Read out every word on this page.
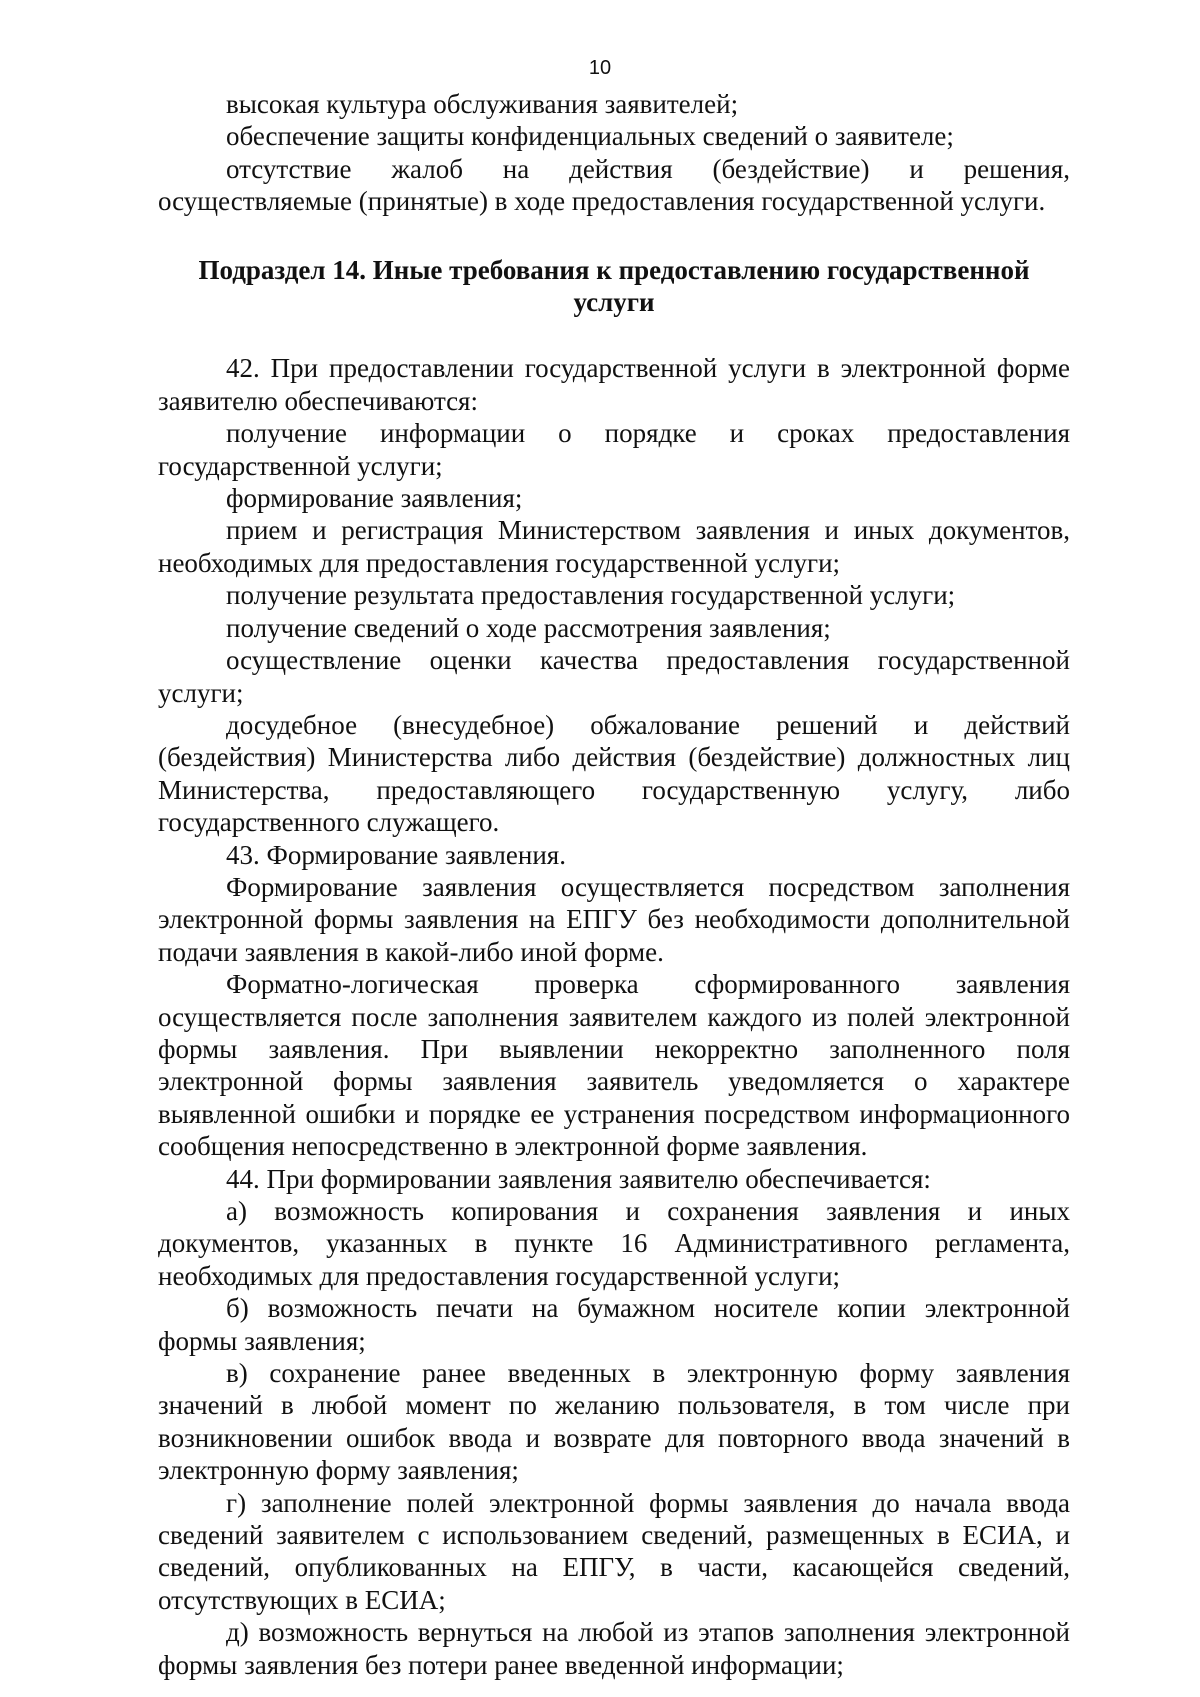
10

высокая культура обслуживания заявителей;

обеспечение защиты конфиденциальных сведений о заявителе;

отсутствие жалоб на действия (бездействие) и решения, осуществляемые (принятые) в ходе предоставления государственной услуги.

Подраздел 14. Иные требования к предоставлению государственной услуги

42. При предоставлении государственной услуги в электронной форме заявителю обеспечиваются:

получение информации о порядке и сроках предоставления государственной услуги;

формирование заявления;

прием и регистрация Министерством заявления и иных документов, необходимых для предоставления государственной услуги;

получение результата предоставления государственной услуги;

получение сведений о ходе рассмотрения заявления;

осуществление оценки качества предоставления государственной услуги;

досудебное (внесудебное) обжалование решений и действий (бездействия) Министерства либо действия (бездействие) должностных лиц Министерства, предоставляющего государственную услугу, либо государственного служащего.

43. Формирование заявления.

Формирование заявления осуществляется посредством заполнения электронной формы заявления на ЕПГУ без необходимости дополнительной подачи заявления в какой-либо иной форме.

Форматно-логическая проверка сформированного заявления осуществляется после заполнения заявителем каждого из полей электронной формы заявления. При выявлении некорректно заполненного поля электронной формы заявления заявитель уведомляется о характере выявленной ошибки и порядке ее устранения посредством информационного сообщения непосредственно в электронной форме заявления.

44. При формировании заявления заявителю обеспечивается:

а) возможность копирования и сохранения заявления и иных документов, указанных в пункте 16 Административного регламента, необходимых для предоставления государственной услуги;

б) возможность печати на бумажном носителе копии электронной формы заявления;

в) сохранение ранее введенных в электронную форму заявления значений в любой момент по желанию пользователя, в том числе при возникновении ошибок ввода и возврате для повторного ввода значений в электронную форму заявления;

г) заполнение полей электронной формы заявления до начала ввода сведений заявителем с использованием сведений, размещенных в ЕСИА, и сведений, опубликованных на ЕПГУ, в части, касающейся сведений, отсутствующих в ЕСИА;

д) возможность вернуться на любой из этапов заполнения электронной формы заявления без потери ранее введенной информации;
